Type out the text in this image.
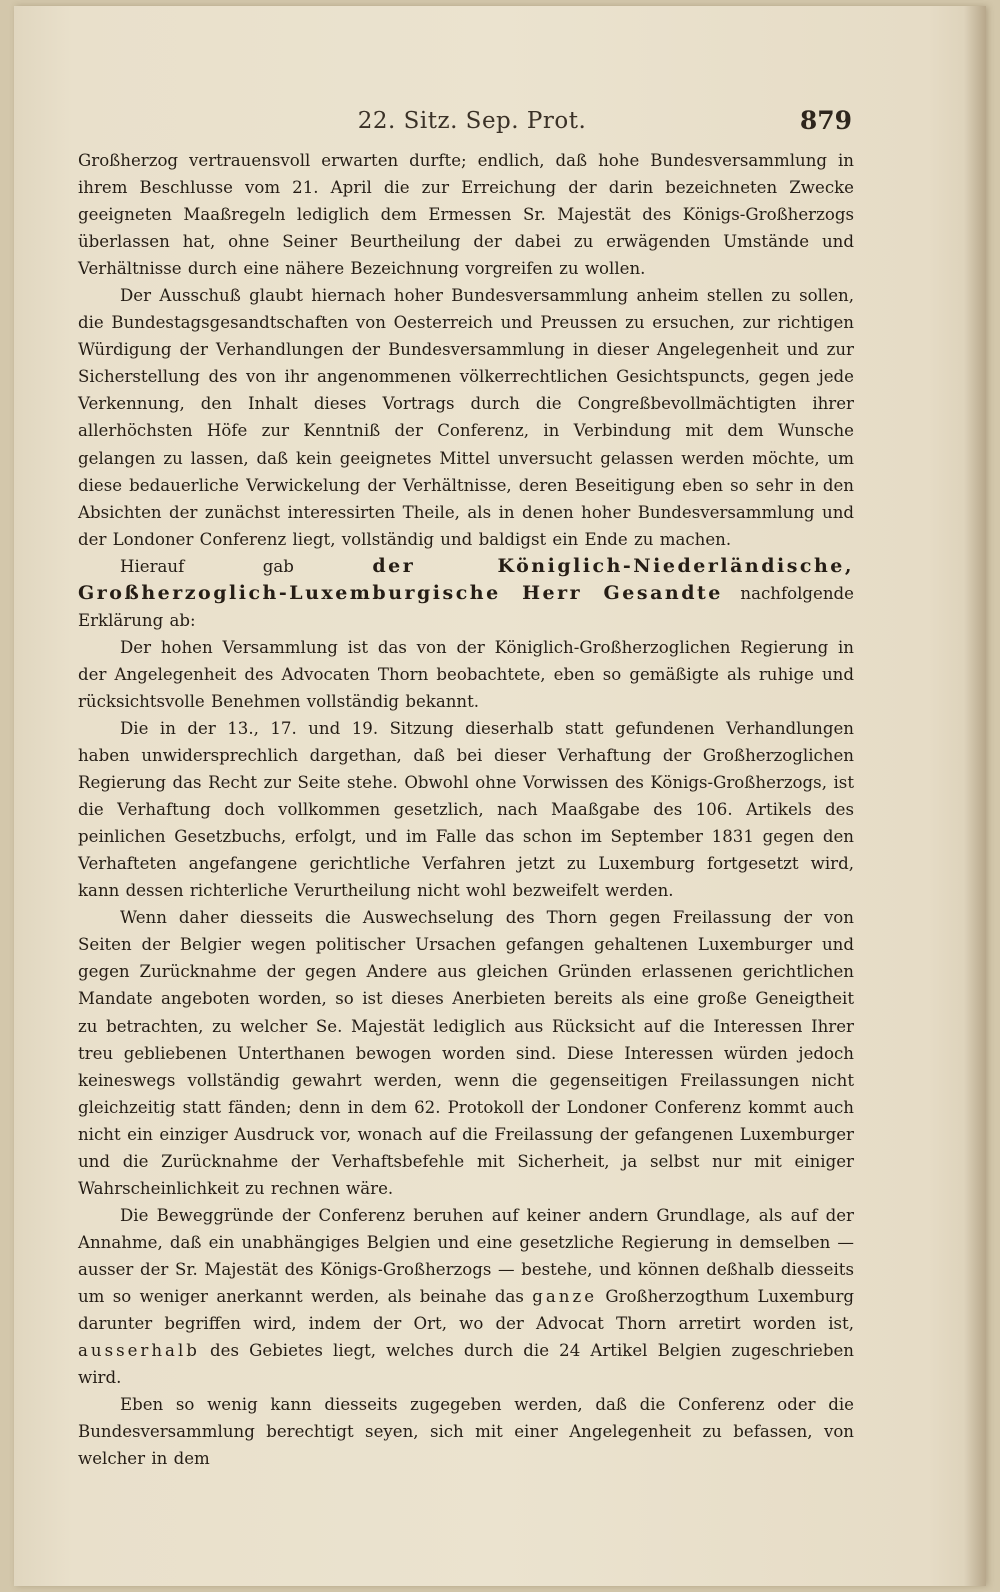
22. Sitz. Sep. Prot.	879

Großherzog vertrauensvoll erwarten durfte; endlich, daß hohe Bundesversammlung in ihrem Beschlusse vom 21. April die zur Erreichung der darin bezeichneten Zwecke geeigneten Maaßregeln lediglich dem Ermessen Sr. Majestät des Königs-Großherzogs überlassen hat, ohne Seiner Beurtheilung der dabei zu erwägenden Umstände und Verhältnisse durch eine nähere Bezeichnung vorgreifen zu wollen.

Der Ausschuß glaubt hiernach hoher Bundesversammlung anheim stellen zu sollen, die Bundestagsgesandtschaften von Oesterreich und Preussen zu ersuchen, zur richtigen Würdigung der Verhandlungen der Bundesversammlung in dieser Angelegenheit und zur Sicherstellung des von ihr angenommenen völkerrechtlichen Gesichtspuncts, gegen jede Verkennung, den Inhalt dieses Vortrags durch die Congreßbevollmächtigten ihrer allerhöchsten Höfe zur Kenntniß der Conferenz, in Verbindung mit dem Wunsche gelangen zu lassen, daß kein geeignetes Mittel unversucht gelassen werden möchte, um diese bedauerliche Verwickelung der Verhältnisse, deren Beseitigung eben so sehr in den Absichten der zunächst interessirten Theile, als in denen hoher Bundesversammlung und der Londoner Conferenz liegt, vollständig und baldigst ein Ende zu machen.

Hierauf gab der Königlich-Niederländische, Großherzoglich-Luxemburgische Herr Gesandte nachfolgende Erklärung ab:

Der hohen Versammlung ist das von der Königlich-Großherzoglichen Regierung in der Angelegenheit des Advocaten Thorn beobachtete, eben so gemäßigte als ruhige und rücksichtsvolle Benehmen vollständig bekannt.

Die in der 13., 17. und 19. Sitzung dieserhalb statt gefundenen Verhandlungen haben unwidersprechlich dargethan, daß bei dieser Verhaftung der Großherzoglichen Regierung das Recht zur Seite stehe. Obwohl ohne Vorwissen des Königs-Großherzogs, ist die Verhaftung doch vollkommen gesetzlich, nach Maaßgabe des 106. Artikels des peinlichen Gesetzbuchs, erfolgt, und im Falle das schon im September 1831 gegen den Verhafteten angefangene gerichtliche Verfahren jetzt zu Luxemburg fortgesetzt wird, kann dessen richterliche Verurtheilung nicht wohl bezweifelt werden.

Wenn daher diesseits die Auswechselung des Thorn gegen Freilassung der von Seiten der Belgier wegen politischer Ursachen gefangen gehaltenen Luxemburger und gegen Zurücknahme der gegen Andere aus gleichen Gründen erlassenen gerichtlichen Mandate angeboten worden, so ist dieses Anerbieten bereits als eine große Geneigtheit zu betrachten, zu welcher Se. Majestät lediglich aus Rücksicht auf die Interessen Ihrer treu gebliebenen Unterthanen bewogen worden sind. Diese Interessen würden jedoch keineswegs vollständig gewahrt werden, wenn die gegenseitigen Freilassungen nicht gleichzeitig statt fänden; denn in dem 62. Protokoll der Londoner Conferenz kommt auch nicht ein einziger Ausdruck vor, wonach auf die Freilassung der gefangenen Luxemburger und die Zurücknahme der Verhaftsbefehle mit Sicherheit, ja selbst nur mit einiger Wahrscheinlichkeit zu rechnen wäre.

Die Beweggründe der Conferenz beruhen auf keiner andern Grundlage, als auf der Annahme, daß ein unabhängiges Belgien und eine gesetzliche Regierung in demselben — ausser der Sr. Majestät des Königs-Großherzogs — bestehe, und können deßhalb diesseits um so weniger anerkannt werden, als beinahe das ganze Großherzogthum Luxemburg darunter begriffen wird, indem der Ort, wo der Advocat Thorn arretirt worden ist, ausserhalb des Gebietes liegt, welches durch die 24 Artikel Belgien zugeschrieben wird.

Eben so wenig kann diesseits zugegeben werden, daß die Conferenz oder die Bundesversammlung berechtigt seyen, sich mit einer Angelegenheit zu befassen, von welcher in dem
